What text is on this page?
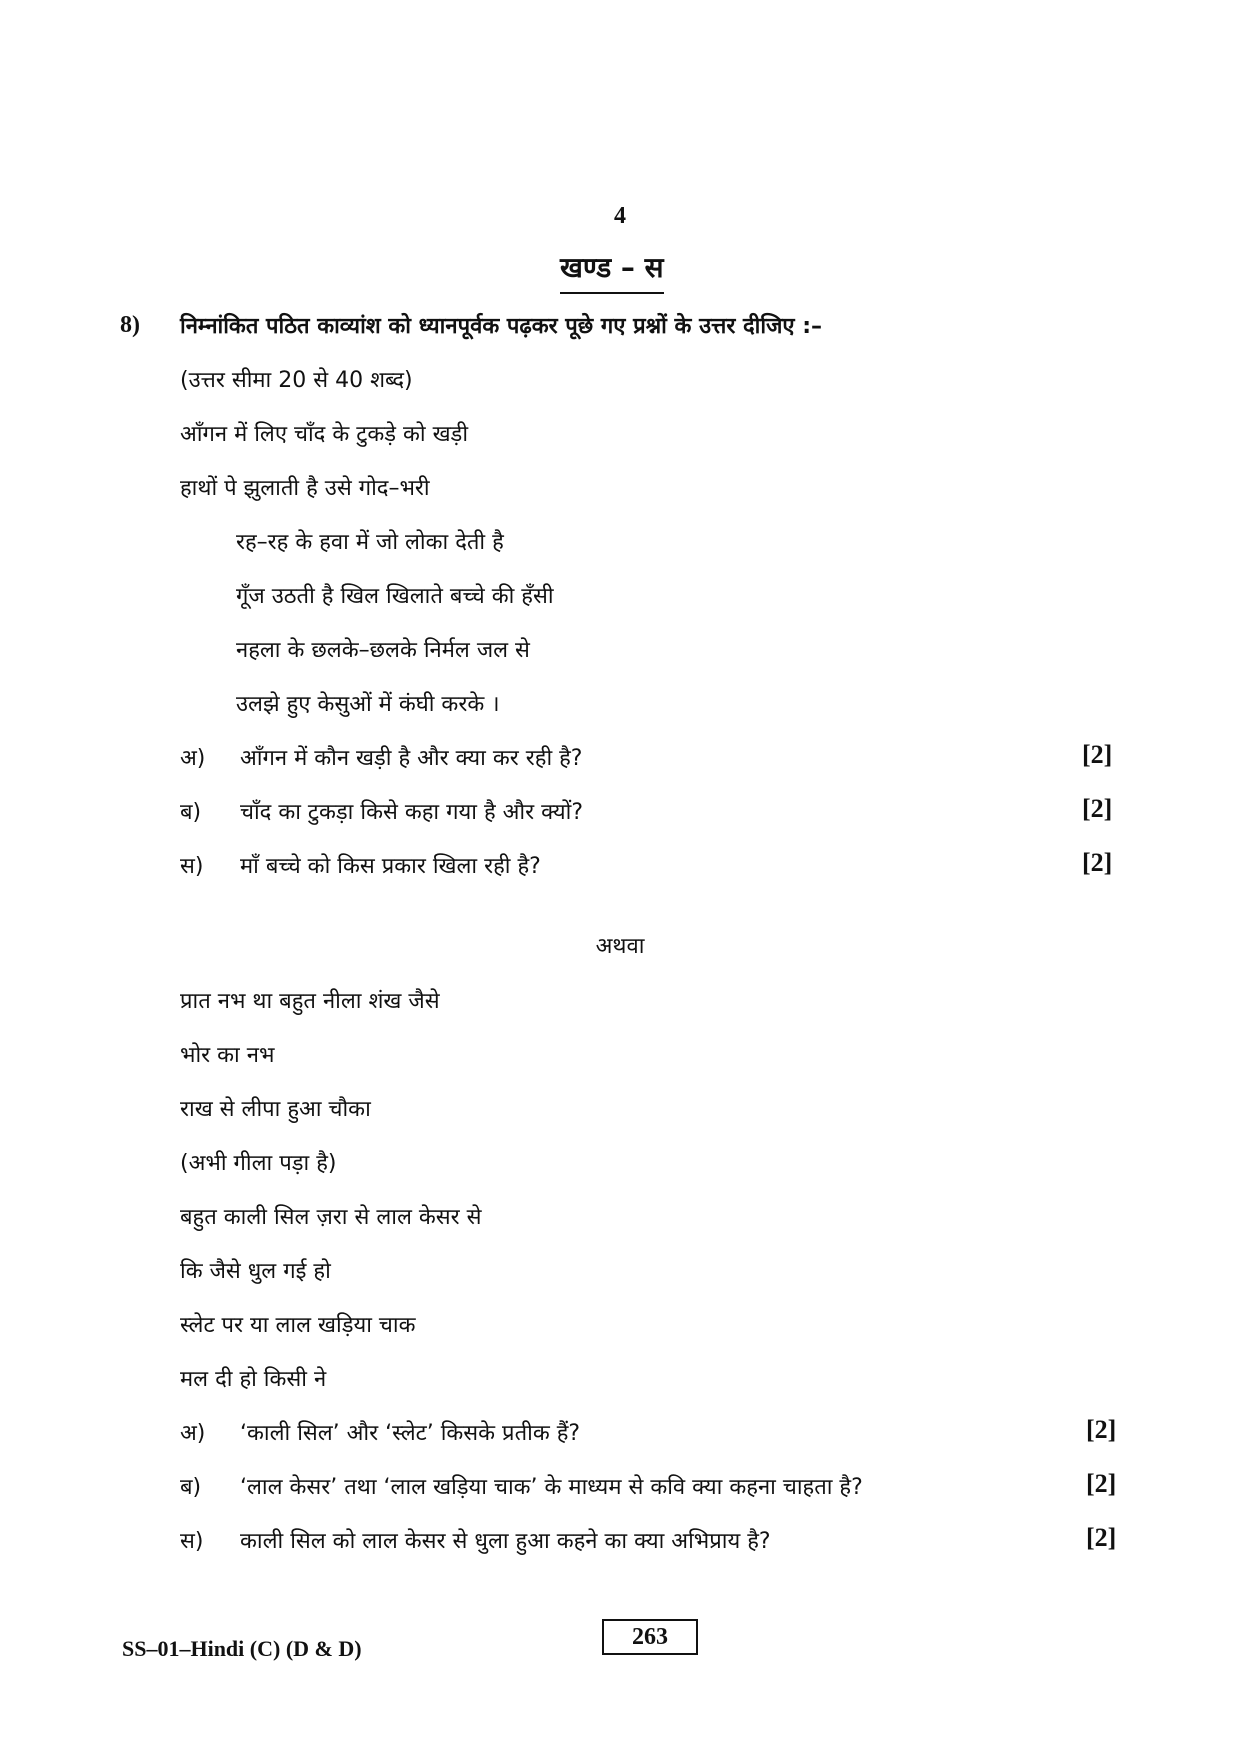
4
खण्ड – स
8) निम्नांकित पठित काव्यांश को ध्यानपूर्वक पढ़कर पूछे गए प्रश्नों के उत्तर दीजिए :–
(उत्तर सीमा 20 से 40 शब्द)
आँगन में लिए चाँद के टुकड़े को खड़ी
हाथों पे झुलाती है उसे गोद–भरी
रह–रह के हवा में जो लोका देती है
गूँज उठती है खिल खिलाते बच्चे की हँसी
नहला के छलके–छलके निर्मल जल से
उलझे हुए केसुओं में कंघी करके ।
अ) आँगन में कौन खड़ी है और क्या कर रही है?	[2]
ब) चाँद का टुकड़ा किसे कहा गया है और क्यों?	[2]
स) माँ बच्चे को किस प्रकार खिला रही है?	[2]
अथवा
प्रात नभ था बहुत नीला शंख जैसे
भोर का नभ
राख से लीपा हुआ चौका
(अभी गीला पड़ा है)
बहुत काली सिल ज़रा से लाल केसर से
कि जैसे धुल गई हो
स्लेट पर या लाल खड़िया चाक
मल दी हो किसी ने
अ) ‘काली सिल’ और ‘स्लेट’ किसके प्रतीक हैं?	[2]
ब) ‘लाल केसर’ तथा ‘लाल खड़िया चाक’ के माध्यम से कवि क्या कहना चाहता है?	[2]
स) काली सिल को लाल केसर से धुला हुआ कहने का क्या अभिप्राय है?	[2]
SS–01–Hindi (C) (D & D)	263
